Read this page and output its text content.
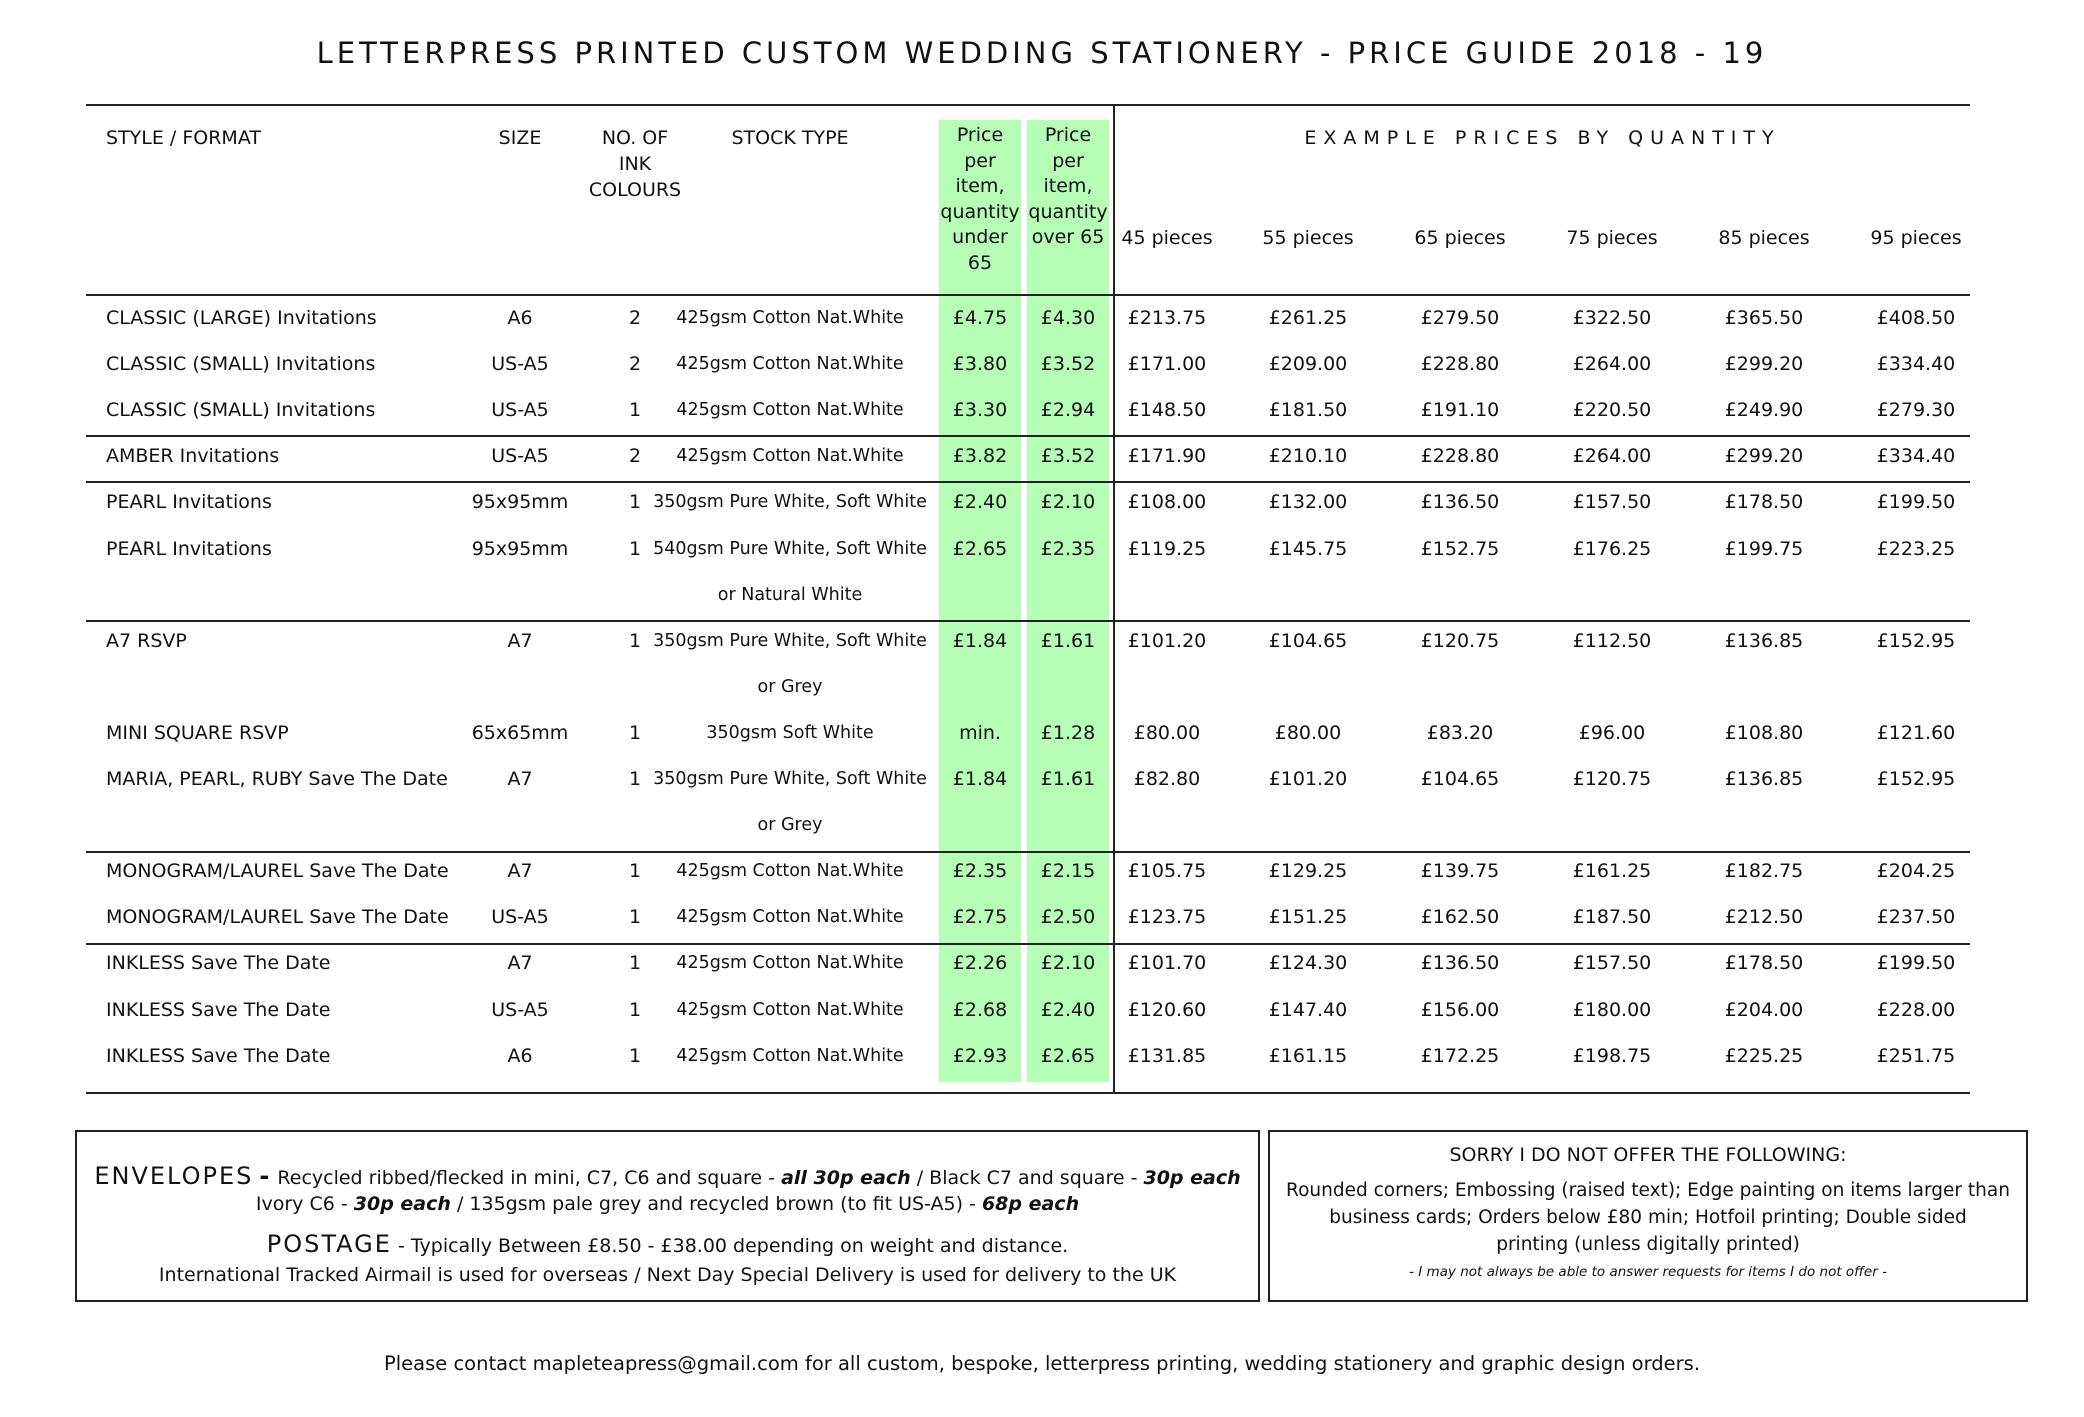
LETTERPRESS PRINTED CUSTOM WEDDING STATIONERY - PRICE GUIDE 2018 - 19
STYLE / FORMAT	SIZE	NO. OF
INK
COLOURS
STOCK TYPE	Price
per
item,
quantity
under 65
Price
per
item,
quantity
over 65
EXAMPLE PRICES BY QUANTITY
45 pieces	55 pieces	65 pieces	75 pieces	85 pieces	95 pieces
CLASSIC (LARGE) Invitations	A6	2	425gsm Cotton Nat.White	£4.75	£4.30	£213.75	£261.25	£279.50	£322.50	£365.50	£408.50
CLASSIC (SMALL) Invitations	US-A5	2	425gsm Cotton Nat.White	£3.80	£3.52	£171.00	£209.00	£228.80	£264.00	£299.20	£334.40
CLASSIC (SMALL) Invitations	US-A5	1	425gsm Cotton Nat.White	£3.30	£2.94	£148.50	£181.50	£191.10	£220.50	£249.90	£279.30
AMBER Invitations	US-A5	2	425gsm Cotton Nat.White	£3.82	£3.52	£171.90	£210.10	£228.80	£264.00	£299.20	£334.40
PEARL Invitations	95x95mm	1 350gsm Pure White, Soft White	£2.40	£2.10	£108.00	£132.00	£136.50	£157.50	£178.50	£199.50
PEARL Invitations	95x95mm	1 540gsm Pure White, Soft White	£2.65	£2.35	£119.25	£145.75	£152.75	£176.25	£199.75	£223.25
or Natural White
A7 RSVP	A7	1 350gsm Pure White, Soft White	£1.84	£1.61	£101.20	£104.65	£120.75	£112.50	£136.85	£152.95
or Grey
MINI SQUARE RSVP	65x65mm	1	350gsm Soft White	min.	£1.28	£80.00	£80.00	£83.20	£96.00	£108.80	£121.60
MARIA, PEARL, RUBY Save The Date	A7	1 350gsm Pure White, Soft White	£1.84	£1.61	£82.80	£101.20	£104.65	£120.75	£136.85	£152.95
or Grey
MONOGRAM/LAUREL Save The Date	A7	1	425gsm Cotton Nat.White	£2.35	£2.15	£105.75	£129.25	£139.75	£161.25	£182.75	£204.25
MONOGRAM/LAUREL Save The Date	US-A5	1	425gsm Cotton Nat.White	£2.75	£2.50	£123.75	£151.25	£162.50	£187.50	£212.50	£237.50
INKLESS Save The Date	A7	1	425gsm Cotton Nat.White	£2.26	£2.10	£101.70	£124.30	£136.50	£157.50	£178.50	£199.50
INKLESS Save The Date	US-A5	1	425gsm Cotton Nat.White	£2.68	£2.40	£120.60	£147.40	£156.00	£180.00	£204.00	£228.00
INKLESS Save The Date	A6	1	425gsm Cotton Nat.White	£2.93	£2.65	£131.85	£161.15	£172.25	£198.75	£225.25	£251.75
ENVELOPES - Recycled ribbed/flecked in mini, C7, C6 and square - all 30p each / Black C7 and square - 30p each
Ivory C6 - 30p each / 135gsm pale grey and recycled brown (to fit US-A5) - 68p each
POSTAGE - Typically Between £8.50 - £38.00 depending on weight and distance.
International Tracked Airmail is used for overseas / Next Day Special Delivery is used for delivery to the UK
SORRY I DO NOT OFFER THE FOLLOWING:
Rounded corners; Embossing (raised text); Edge painting on items larger than
business cards; Orders below £80 min; Hotfoil printing; Double sided
printing (unless digitally printed)
- I may not always be able to answer requests for items I do not offer -
Please contact mapleteapress@gmail.com for all custom, bespoke, letterpress printing, wedding stationery and graphic design orders.
